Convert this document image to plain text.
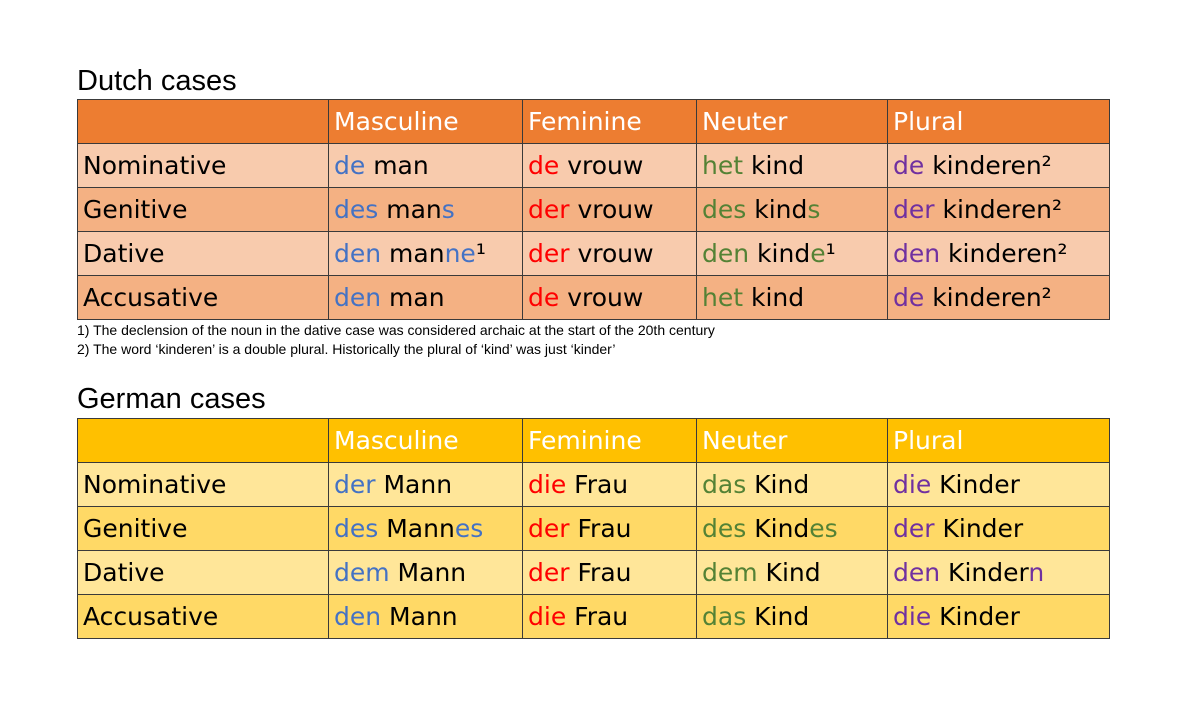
Dutch cases
	Masculine	Feminine	Neuter	Plural
Nominative	de man	de vrouw	het kind	de kinderen²
Genitive	des mans	der vrouw	des kinds	der kinderen²
Dative	den manne¹	der vrouw	den kinde¹	den kinderen²
Accusative	den man	de vrouw	het kind	de kinderen²
1) The declension of the noun in the dative case was considered archaic at the start of the 20th century
2) The word ‘kinderen’ is a double plural. Historically the plural of ‘kind’ was just ‘kinder’
German cases
	Masculine	Feminine	Neuter	Plural
Nominative	der Mann	die Frau	das Kind	die Kinder
Genitive	des Mannes	der Frau	des Kindes	der Kinder
Dative	dem Mann	der Frau	dem Kind	den Kindern
Accusative	den Mann	die Frau	das Kind	die Kinder
